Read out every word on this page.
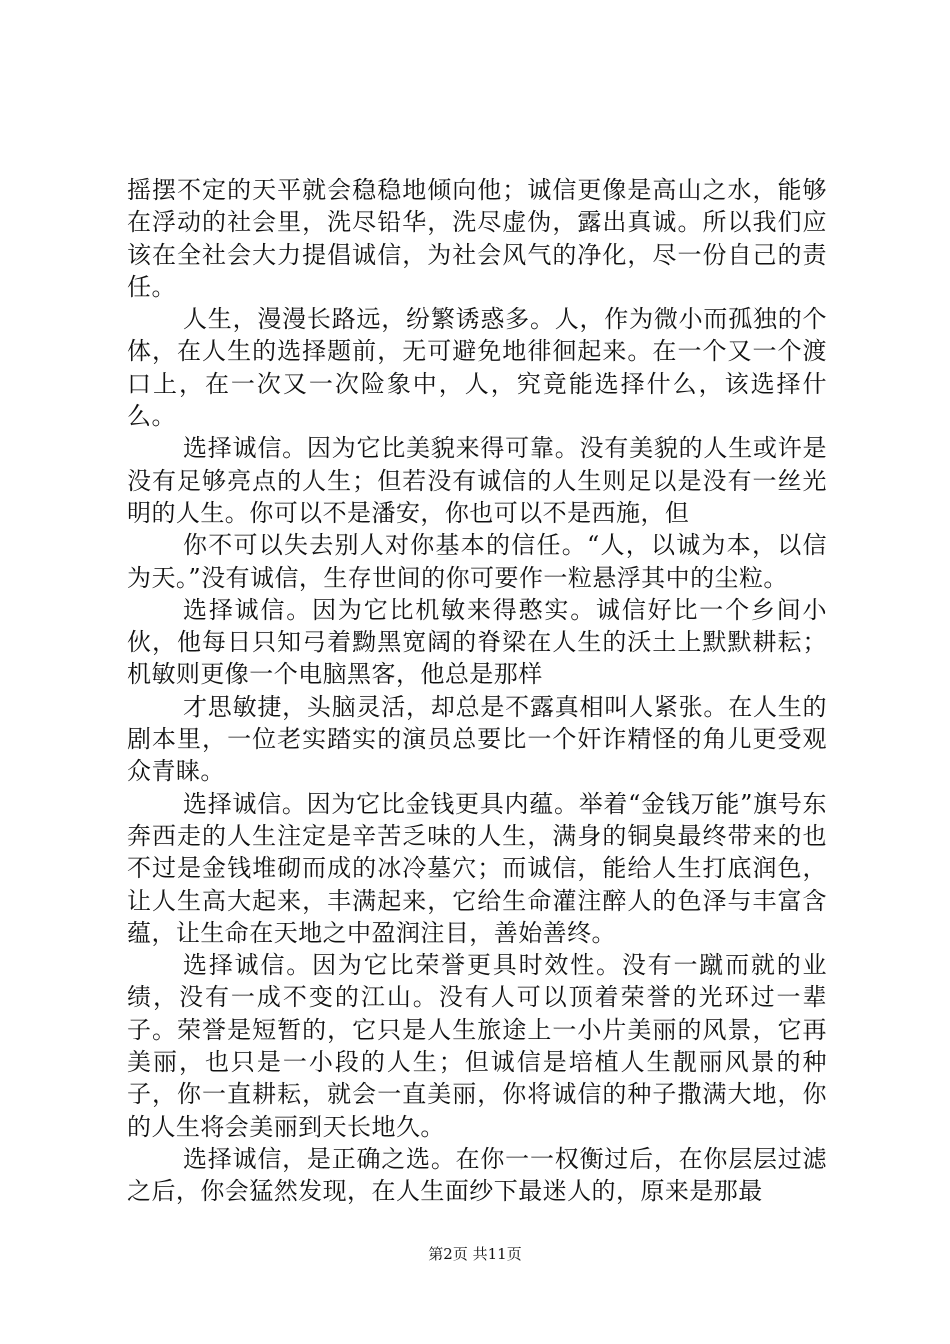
摇摆不定的天平就会稳稳地倾向他；诚信更像是高山之水，能够在浮动的社会里，洗尽铅华，洗尽虚伪，露出真诚。所以我们应该在全社会大力提倡诚信，为社会风气的净化，尽一份自己的责任。

人生，漫漫长路远，纷繁诱惑多。人，作为微小而孤独的个体，在人生的选择题前，无可避免地徘徊起来。在一个又一个渡口上，在一次又一次险象中，人，究竟能选择什么，该选择什么。

选择诚信。因为它比美貌来得可靠。没有美貌的人生或许是没有足够亮点的人生；但若没有诚信的人生则足以是没有一丝光明的人生。你可以不是潘安，你也可以不是西施，但

你不可以失去别人对你基本的信任。“人，以诚为本，以信为天。”没有诚信，生存世间的你可要作一粒悬浮其中的尘粒。

选择诚信。因为它比机敏来得憨实。诚信好比一个乡间小伙，他每日只知弓着黝黑宽阔的脊梁在人生的沃土上默默耕耘；机敏则更像一个电脑黑客，他总是那样

才思敏捷，头脑灵活，却总是不露真相叫人紧张。在人生的剧本里，一位老实踏实的演员总要比一个奸诈精怪的角儿更受观众青睐。

选择诚信。因为它比金钱更具内蕴。举着“金钱万能”旗号东奔西走的人生注定是辛苦乏味的人生，满身的铜臭最终带来的也不过是金钱堆砌而成的冰冷墓穴；而诚信，能给人生打底润色，让人生高大起来，丰满起来，它给生命灌注醉人的色泽与丰富含蕴，让生命在天地之中盈润注目，善始善终。

选择诚信。因为它比荣誉更具时效性。没有一蹴而就的业绩，没有一成不变的江山。没有人可以顶着荣誉的光环过一辈子。荣誉是短暂的，它只是人生旅途上一小片美丽的风景，它再美丽，也只是一小段的人生；但诚信是培植人生靓丽风景的种子，你一直耕耘，就会一直美丽，你将诚信的种子撒满大地，你的人生将会美丽到天长地久。

选择诚信，是正确之选。在你一一权衡过后，在你层层过滤之后，你会猛然发现，在人生面纱下最迷人的，原来是那最

第2页 共11页
